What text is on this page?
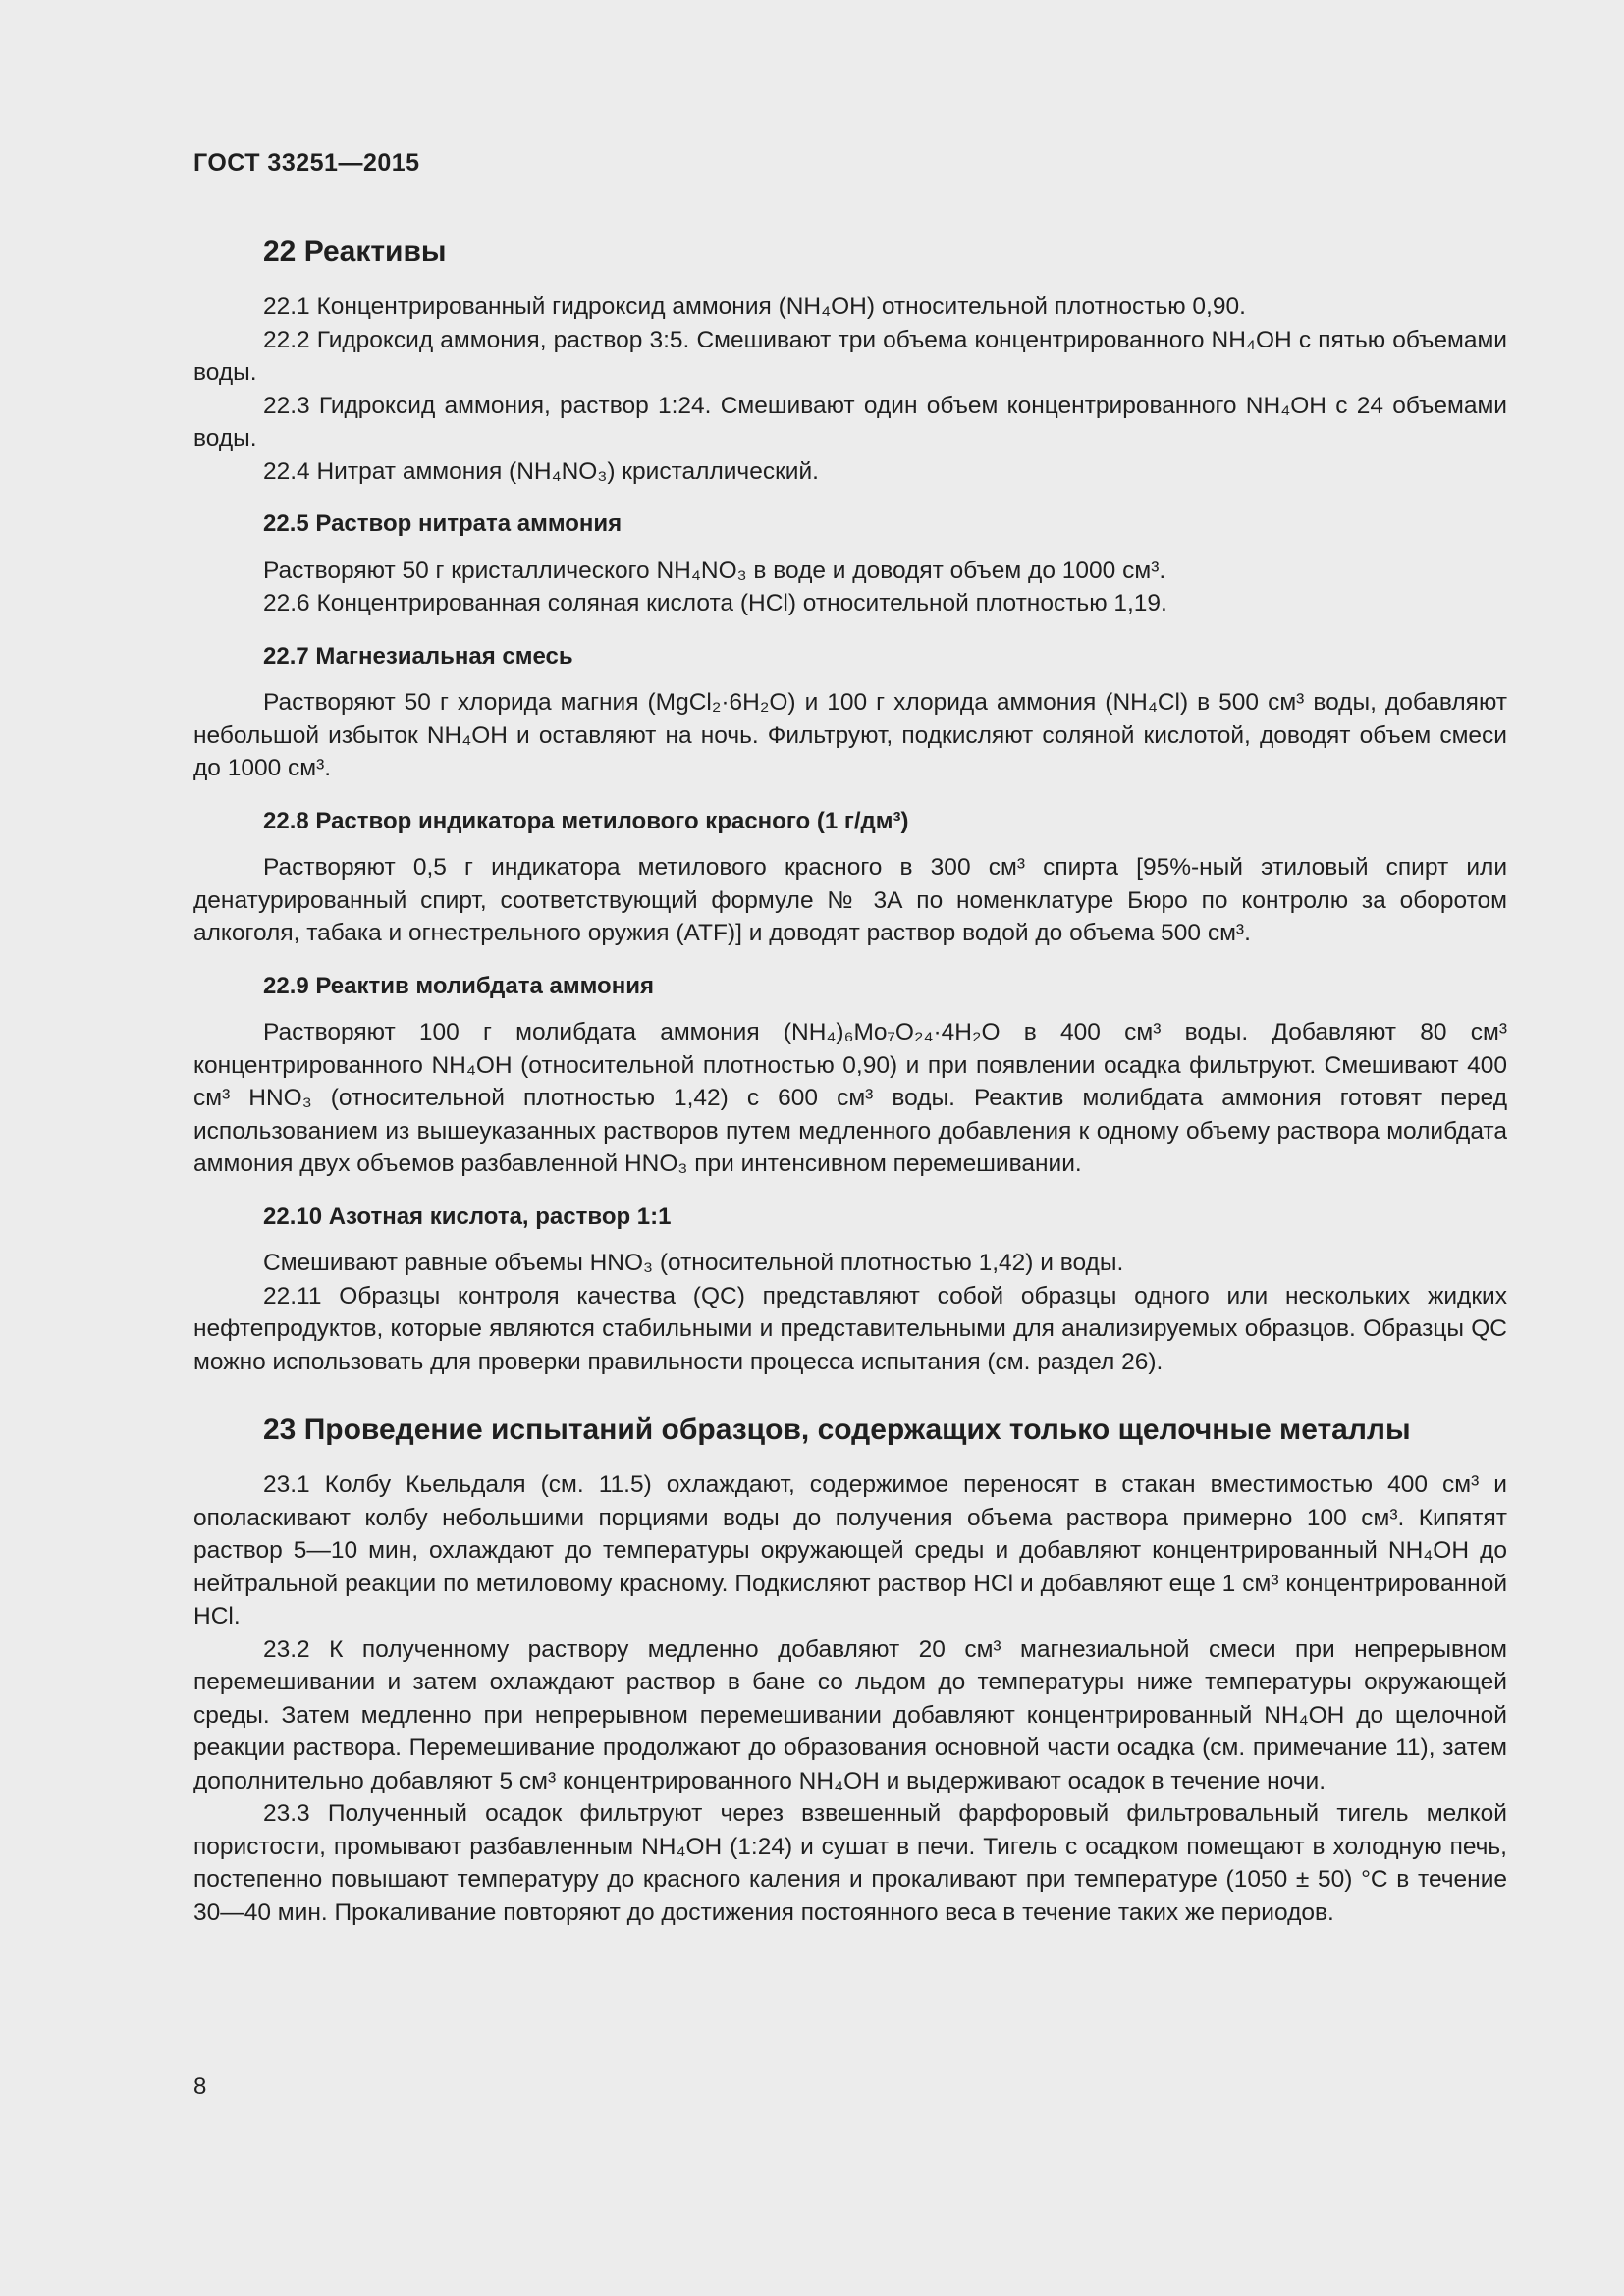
ГОСТ 33251—2015
22 Реактивы

22.1 Концентрированный гидроксид аммония (NH₄OH) относительной плотностью 0,90.

22.2 Гидроксид аммония, раствор 3:5. Смешивают три объема концентрированного NH₄OH с пятью объемами воды.

22.3 Гидроксид аммония, раствор 1:24. Смешивают один объем концентрированного NH₄OH с 24 объемами воды.

22.4 Нитрат аммония (NH₄NO₃) кристаллический.

22.5 Раствор нитрата аммония

Растворяют 50 г кристаллического NH₄NO₃ в воде и доводят объем до 1000 см³.

22.6 Концентрированная соляная кислота (HCl) относительной плотностью 1,19.

22.7 Магнезиальная смесь

Растворяют 50 г хлорида магния (MgCl₂·6H₂O) и 100 г хлорида аммония (NH₄Cl) в 500 см³ воды, добавляют небольшой избыток NH₄OH и оставляют на ночь. Фильтруют, подкисляют соляной кислотой, доводят объем смеси до 1000 см³.

22.8 Раствор индикатора метилового красного (1 г/дм³)

Растворяют 0,5 г индикатора метилового красного в 300 см³ спирта [95%-ный этиловый спирт или денатурированный спирт, соответствующий формуле № 3А по номенклатуре Бюро по контролю за оборотом алкоголя, табака и огнестрельного оружия (ATF)] и доводят раствор водой до объема 500 см³.

22.9 Реактив молибдата аммония

Растворяют 100 г молибдата аммония (NH₄)₆Mo₇O₂₄·4H₂O в 400 см³ воды. Добавляют 80 см³ концентрированного NH₄OH (относительной плотностью 0,90) и при появлении осадка фильтруют. Смешивают 400 см³ HNO₃ (относительной плотностью 1,42) с 600 см³ воды. Реактив молибдата аммония готовят перед использованием из вышеуказанных растворов путем медленного добавления к одному объему раствора молибдата аммония двух объемов разбавленной HNO₃ при интенсивном перемешивании.

22.10 Азотная кислота, раствор 1:1

Смешивают равные объемы HNO₃ (относительной плотностью 1,42) и воды.

22.11 Образцы контроля качества (QC) представляют собой образцы одного или нескольких жидких нефтепродуктов, которые являются стабильными и представительными для анализируемых образцов. Образцы QC можно использовать для проверки правильности процесса испытания (см. раздел 26).

23 Проведение испытаний образцов, содержащих только щелочные металлы

23.1 Колбу Кьельдаля (см. 11.5) охлаждают, содержимое переносят в стакан вместимостью 400 см³ и ополаскивают колбу небольшими порциями воды до получения объема раствора примерно 100 см³. Кипятят раствор 5—10 мин, охлаждают до температуры окружающей среды и добавляют концентрированный NH₄OH до нейтральной реакции по метиловому красному. Подкисляют раствор HCl и добавляют еще 1 см³ концентрированной HCl.

23.2 К полученному раствору медленно добавляют 20 см³ магнезиальной смеси при непрерывном перемешивании и затем охлаждают раствор в бане со льдом до температуры ниже температуры окружающей среды. Затем медленно при непрерывном перемешивании добавляют концентрированный NH₄OH до щелочной реакции раствора. Перемешивание продолжают до образования основной части осадка (см. примечание 11), затем дополнительно добавляют 5 см³ концентрированного NH₄OH и выдерживают осадок в течение ночи.

23.3 Полученный осадок фильтруют через взвешенный фарфоровый фильтровальный тигель мелкой пористости, промывают разбавленным NH₄OH (1:24) и сушат в печи. Тигель с осадком помещают в холодную печь, постепенно повышают температуру до красного каления и прокаливают при температуре (1050 ± 50) °С в течение 30—40 мин. Прокаливание повторяют до достижения постоянного веса в течение таких же периодов.

8
